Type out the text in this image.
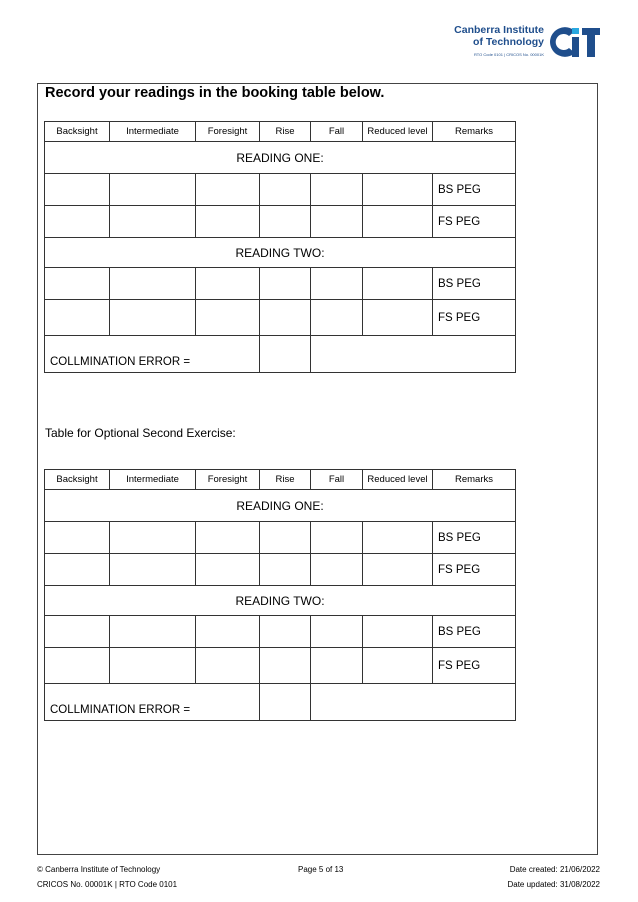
Canberra Institute
of Technology
RTO Code 0101 | CRICOS No. 00001K
Record your readings in the booking table below.
Backsight	Intermediate	Foresight	Rise	Fall	Reduced level	Remarks
READING ONE:						
						BS PEG
						FS PEG
READING TWO:						
						BS PEG
						FS PEG
COLLMINATION ERROR =						
Table for Optional Second Exercise:
Backsight	Intermediate	Foresight	Rise	Fall	Reduced level	Remarks
READING ONE:						
						BS PEG
						FS PEG
READING TWO:						
						BS PEG
						FS PEG
COLLMINATION ERROR =						
© Canberra Institute of Technology
CRICOS No. 00001K | RTO Code 0101
Page 5 of 13	Date created: 21/06/2022
Date updated: 31/08/2022
